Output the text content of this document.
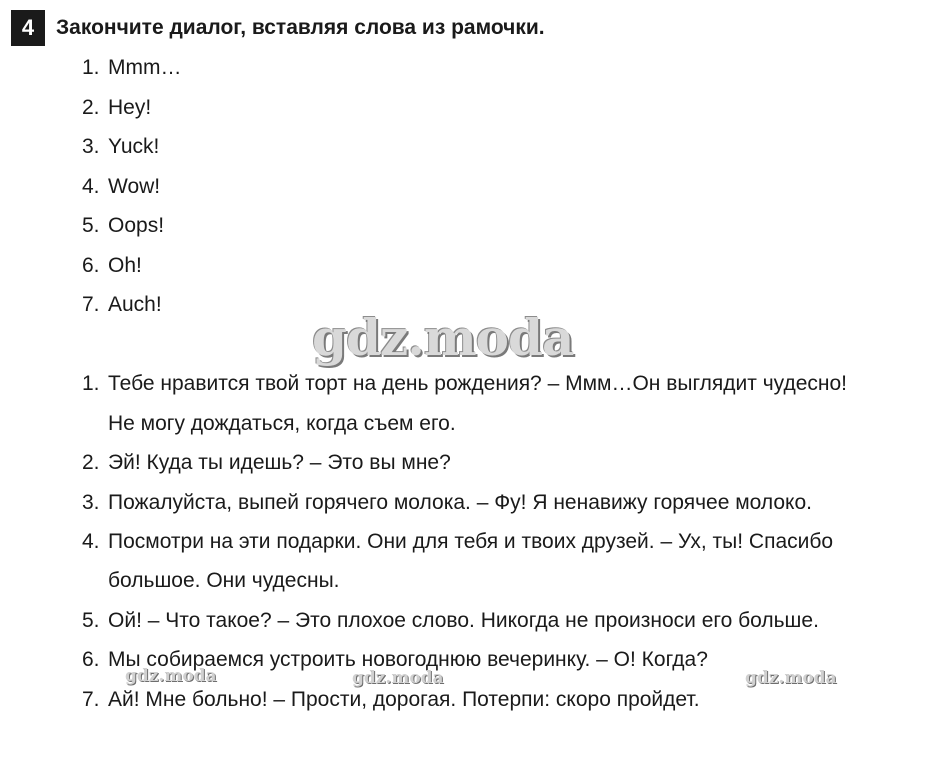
4	Закончите диалог, вставляя слова из рамочки.
1. Mmm…
2. Hey!
3. Yuck!
4. Wow!
5. Oops!
6. Oh!
7. Auch!
gdz.moda
1. Тебе нравится твой торт на день рождения? – Ммм…Он выглядит чудесно!
Не могу дождаться, когда съем его.
2. Эй! Куда ты идешь? – Это вы мне?
3. Пожалуйста, выпей горячего молока. – Фу! Я ненавижу горячее молоко.
4. Посмотри на эти подарки. Они для тебя и твоих друзей. – Ух, ты! Спасибо
большое. Они чудесны.
5. Ой! – Что такое? – Это плохое слово. Никогда не произноси его больше.
6. Мы собираемся устроить новогоднюю вечеринку. – О! Когда?
7. Ай! Мне больно! – Прости, дорогая. Потерпи: скоро пройдет.
gdz.moda	gdz.moda	gdz.moda
